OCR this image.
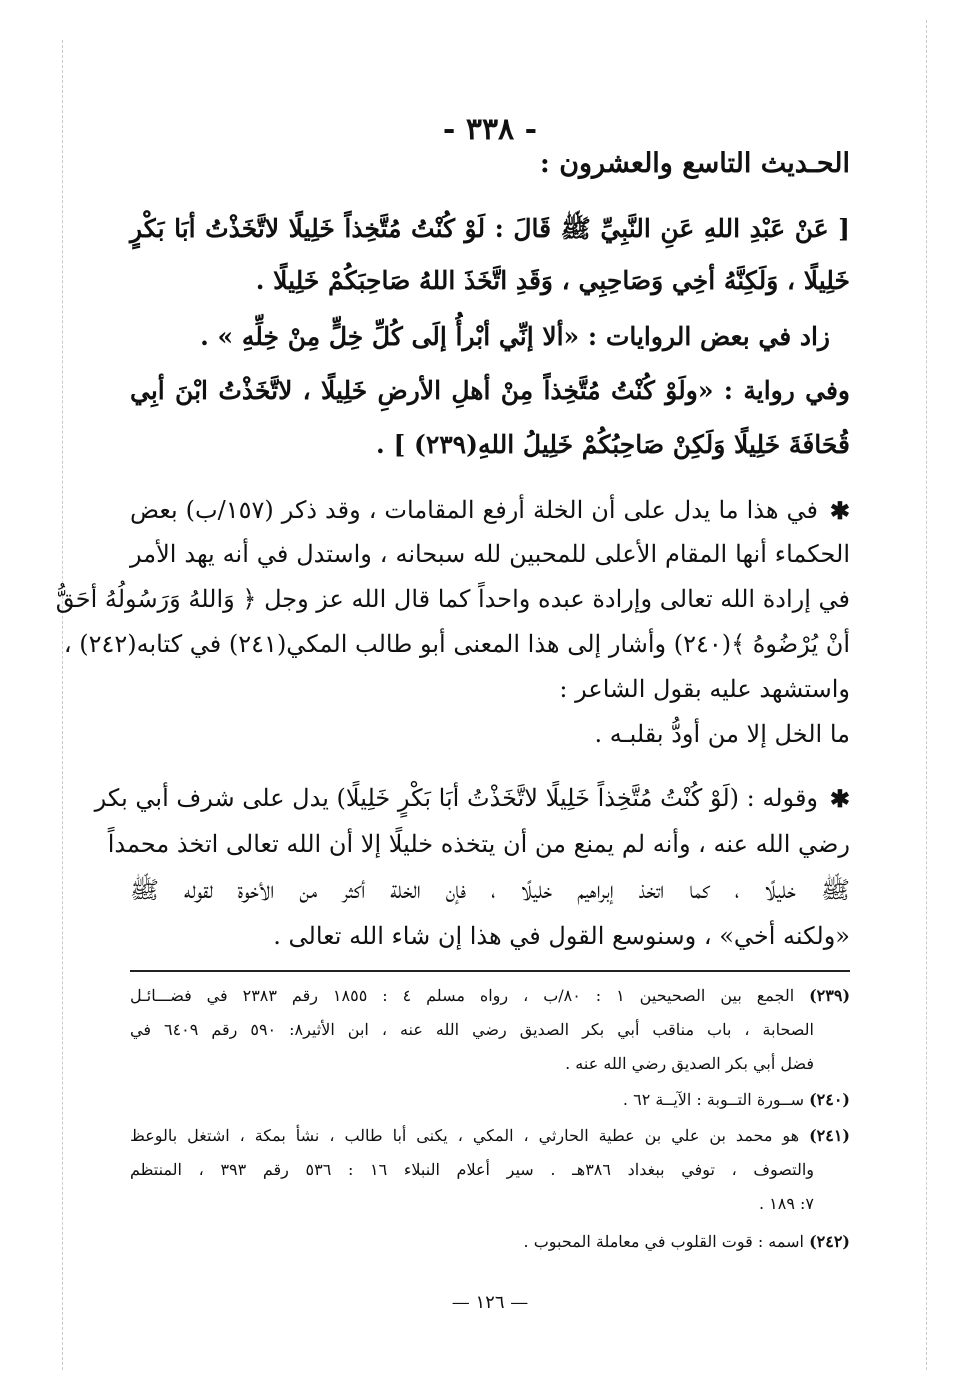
- ٣٣٨ -
الحـديث التاسع والعشرون :
[ عَنْ عَبْدِ اللهِ عَنِ النَّبِيِّ ﷺ قَالَ : لَوْ كُنْتُ مُتَّخِذاً خَلِيلًا لاتَّخَذْتُ أبَا بَكْرٍ
خَلِيلًا ، وَلَكِنَّهُ أخِي وَصَاحِبِي ، وَقَدِ اتَّخَذَ اللهُ صَاحِبَكُمْ خَلِيلًا .
زاد في بعض الروايات : «ألا إنِّي أبْرأُ إلَى كُلِّ خِلٍّ مِنْ خِلِّهِ » .
وفي رواية : «ولَوْ كُنْتُ مُتَّخِذاً مِنْ أهلِ الأرضِ خَلِيلًا ، لاتَّخَذْتُ ابْنَ أبِي
قُحَافَةَ خَلِيلًا وَلَكِنْ صَاحِبُكُمْ خَلِيلُ اللهِ(٢٣٩) ] .
✱
في هذا ما يدل على أن الخلة أرفع المقامات ، وقد ذكر (١٥٧/ب) بعض
الحكماء أنها المقام الأعلى للمحبين لله سبحانه ، واستدل في أنه يهد الأمر
في إرادة الله تعالى وإرادة عبده واحداً كما قال الله عز وجل ﴿ وَاللهُ وَرَسُولُهُ أحَقُّ
أنْ يُرْضُوهُ ﴾(٢٤٠) وأشار إلى هذا المعنى أبو طالب المكي(٢٤١) في كتابه(٢٤٢) ،
واستشهد عليه بقول الشاعر :
ما الخل إلا من أودُّ بقلبـه .
✱
وقوله : (لَوْ كُنْتُ مُتَّخِذاً خَلِيلًا لاتَّخَذْتُ أبَا بَكْرٍ خَلِيلًا) يدل على شرف أبي بكر
رضي الله عنه ، وأنه لم يمنع من أن يتخذه خليلًا إلا أن الله تعالى اتخذ محمداً
ﷺ خليلًا ، كما اتخذ إبراهيم خليلًا ، فإن الخلة أكثر من الأخوة لقوله ﷺ
«ولكنه أخي» ، وسنوسع القول في هذا إن شاء الله تعالى .
(٢٣٩) الجمع بين الصحيحين ١ : ٨٠/ب ، رواه مسلم ٤ : ١٨٥٥ رقم ٢٣٨٣ في فضـــائـل
الصحابة ، باب مناقب أبي بكر الصديق رضي الله عنه ، ابن الأثير٨: ٥٩٠ رقم ٦٤٠٩ في
فضل أبي بكر الصديق رضي الله عنه .
(٢٤٠) ســورة التــوبة : الآيــة ٦٢ .
(٢٤١) هو محمد بن علي بن عطية الحارثي ، المكي ، يكنى أبا طالب ، نشأ بمكة ، اشتغل بالوعظ
والتصوف ، توفي ببغداد ٣٨٦هـ . سير أعلام النبلاء ١٦ : ٥٣٦ رقم ٣٩٣ ، المنتظم
٧: ١٨٩ .
(٢٤٢) اسمه : قوت القلوب في معاملة المحبوب .
— ١٢٦ —
